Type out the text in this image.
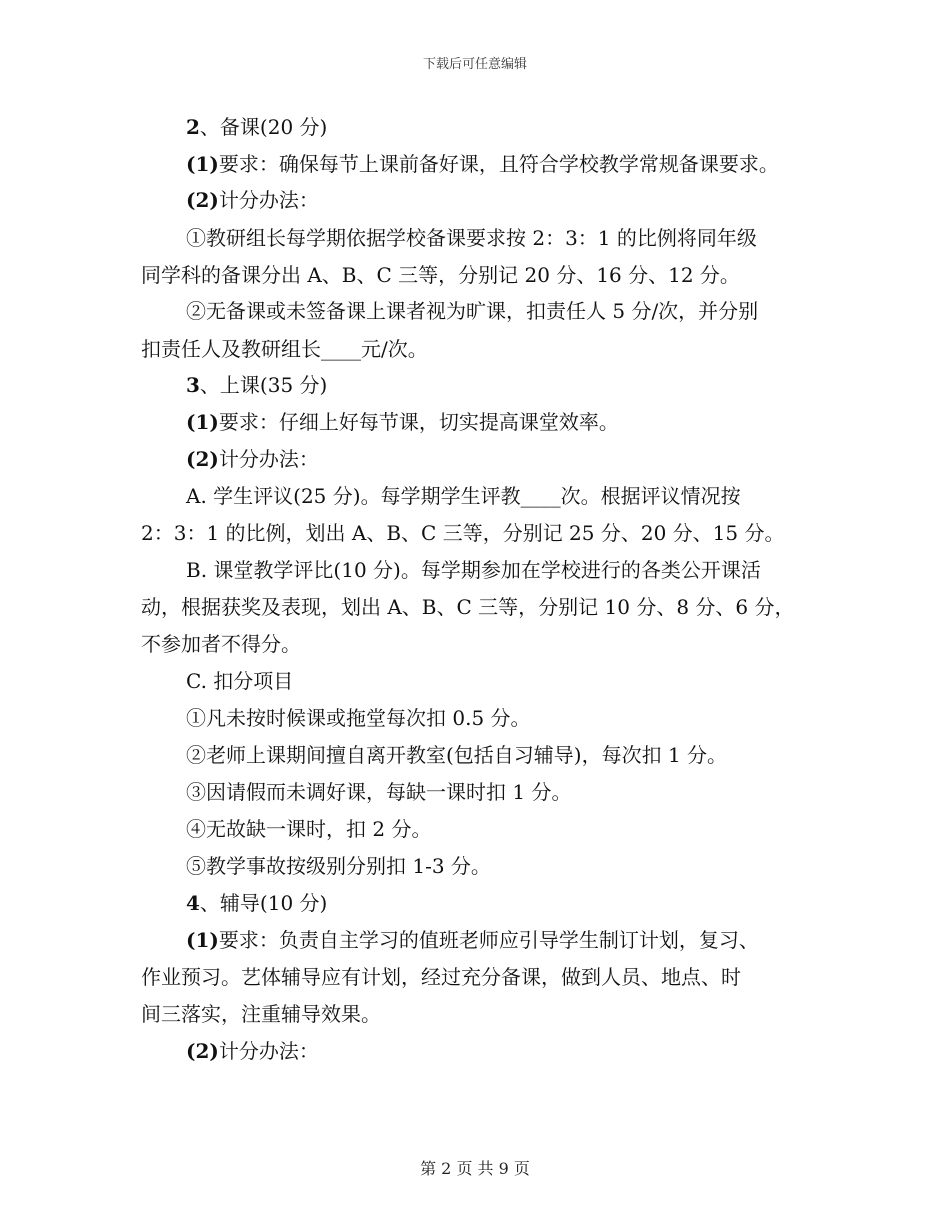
下载后可任意编辑
2、备课(20 分)
(1)要求：确保每节上课前备好课，且符合学校教学常规备课要求。
(2)计分办法：
①教研组长每学期依据学校备课要求按 2：3：1 的比例将同年级
同学科的备课分出 A、B、C 三等，分别记 20 分、16 分、12 分。
②无备课或未签备课上课者视为旷课，扣责任人 5 分/次，并分别
扣责任人及教研组长____元/次。
3、上课(35 分)
(1)要求：仔细上好每节课，切实提高课堂效率。
(2)计分办法：
A. 学生评议(25 分)。每学期学生评教____次。根据评议情况按
2：3：1 的比例，划出 A、B、C 三等，分别记 25 分、20 分、15 分。
B. 课堂教学评比(10 分)。每学期参加在学校进行的各类公开课活
动，根据获奖及表现，划出 A、B、C 三等，分别记 10 分、8 分、6 分，
不参加者不得分。
C. 扣分项目
①凡未按时候课或拖堂每次扣 0.5 分。
②老师上课期间擅自离开教室(包括自习辅导)，每次扣 1 分。
③因请假而未调好课，每缺一课时扣 1 分。
④无故缺一课时，扣 2 分。
⑤教学事故按级别分别扣 1-3 分。
4、辅导(10 分)
(1)要求：负责自主学习的值班老师应引导学生制订计划，复习、
作业预习。艺体辅导应有计划，经过充分备课，做到人员、地点、时
间三落实，注重辅导效果。
(2)计分办法：
第 2 页 共 9 页
